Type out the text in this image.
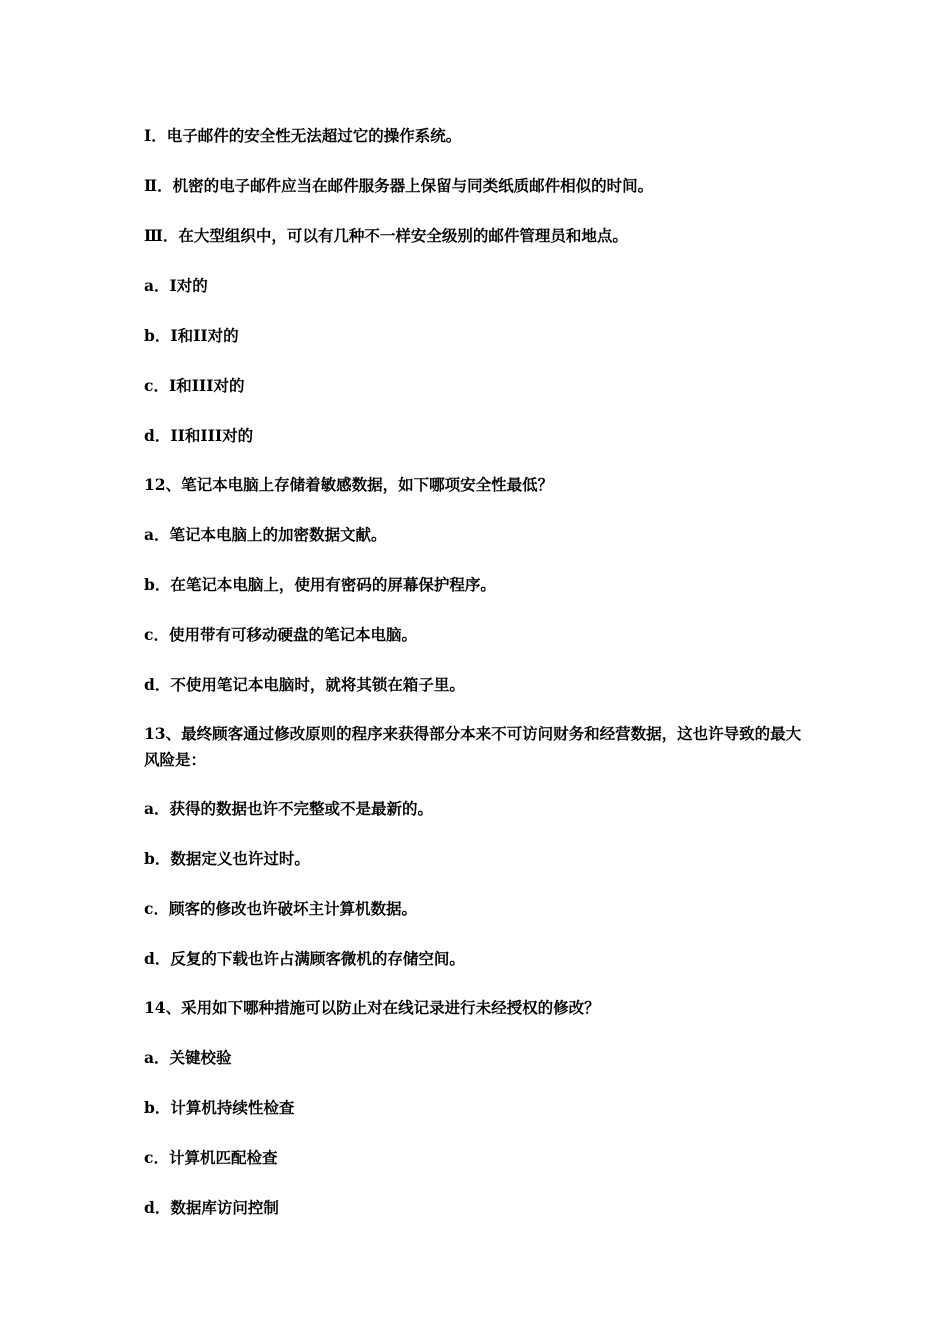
Ⅰ．电子邮件的安全性无法超过它的操作系统。
Ⅱ．机密的电子邮件应当在邮件服务器上保留与同类纸质邮件相似的时间。
Ⅲ．在大型组织中，可以有几种不一样安全级别的邮件管理员和地点。
a．I对的
b．I和II对的
c．I和III对的
d．II和III对的
12、笔记本电脑上存储着敏感数据，如下哪项安全性最低？
a．笔记本电脑上的加密数据文献。
b．在笔记本电脑上，使用有密码的屏幕保护程序。
c．使用带有可移动硬盘的笔记本电脑。
d．不使用笔记本电脑时，就将其锁在箱子里。
13、最终顾客通过修改原则的程序来获得部分本来不可访问财务和经营数据，这也许导致的最大风险是：
a．获得的数据也许不完整或不是最新的。
b．数据定义也许过时。
c．顾客的修改也许破坏主计算机数据。
d．反复的下载也许占满顾客微机的存储空间。
14、采用如下哪种措施可以防止对在线记录进行未经授权的修改？
a．关键校验
b．计算机持续性检查
c．计算机匹配检查
d．数据库访问控制
